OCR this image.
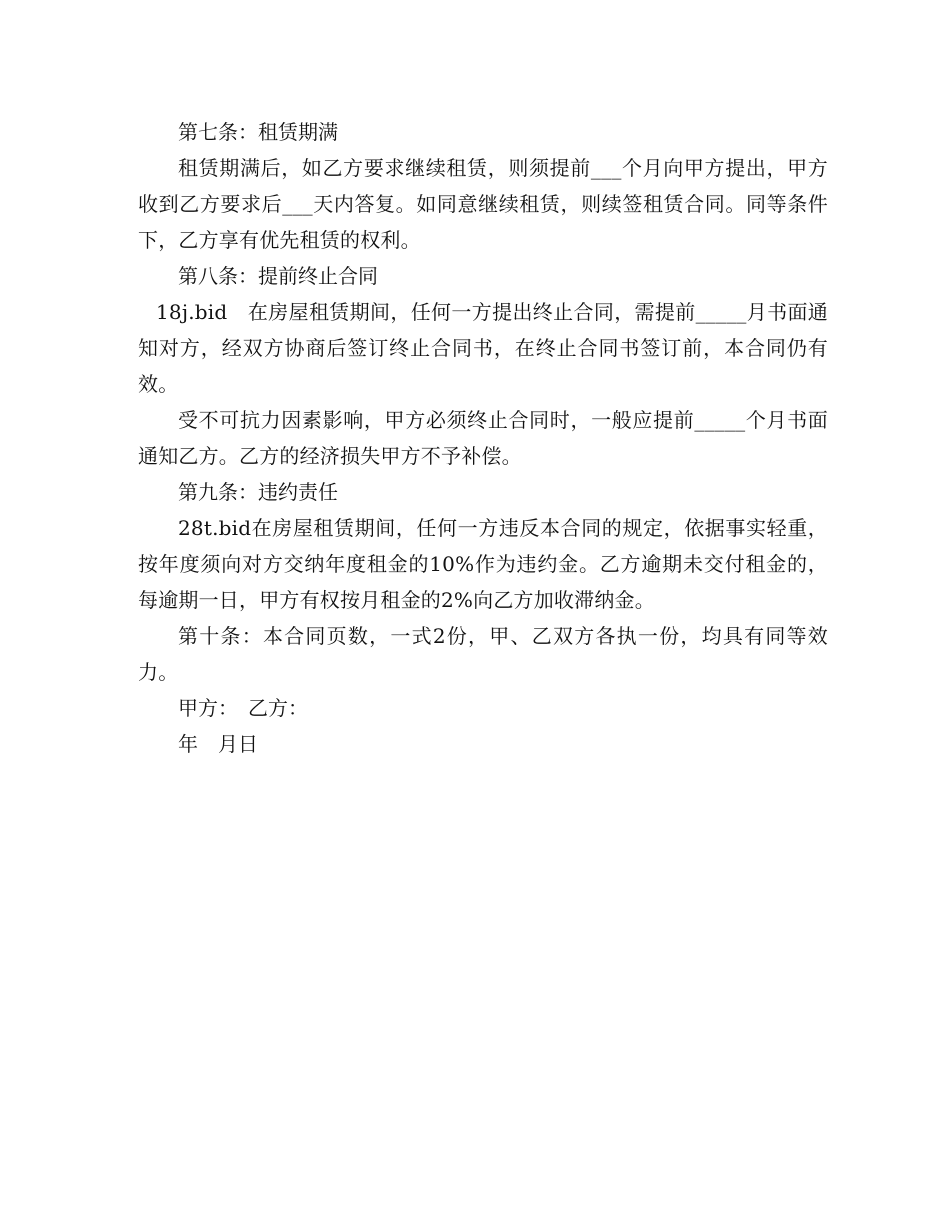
第七条：租赁期满

租赁期满后，如乙方要求继续租赁，则须提前___个月向甲方提出，甲方收到乙方要求后___天内答复。如同意继续租赁，则续签租赁合同。同等条件下，乙方享有优先租赁的权利。

第八条：提前终止合同

18j.bid　在房屋租赁期间，任何一方提出终止合同，需提前_____月书面通知对方，经双方协商后签订终止合同书，在终止合同书签订前，本合同仍有效。

受不可抗力因素影响，甲方必须终止合同时，一般应提前_____个月书面通知乙方。乙方的经济损失甲方不予补偿。

第九条：违约责任

28t.bid在房屋租赁期间，任何一方违反本合同的规定，依据事实轻重，按年度须向对方交纳年度租金的10%作为违约金。乙方逾期未交付租金的，每逾期一日，甲方有权按月租金的2%向乙方加收滞纳金。

第十条：本合同页数，一式2份，甲、乙双方各执一份，均具有同等效力。

甲方：　乙方：

年　月日
